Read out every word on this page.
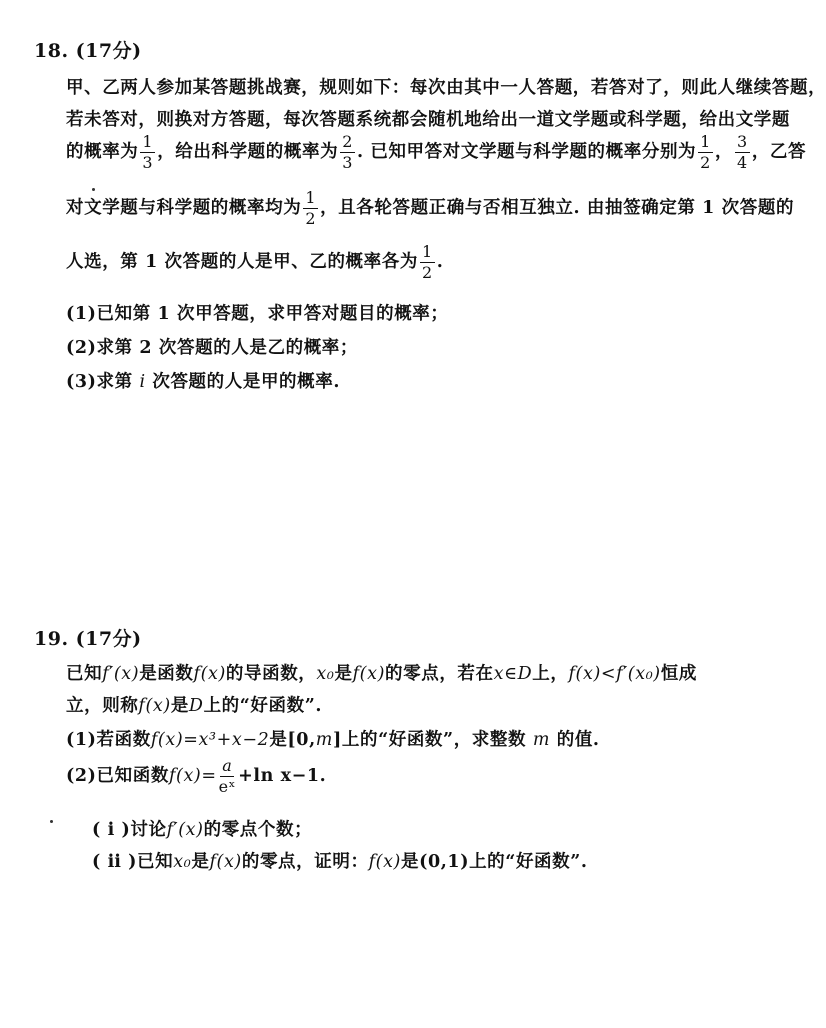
18. (17分)
甲、乙两人参加某答题挑战赛，规则如下：每次由其中一人答题，若答对了，则此人继续答题，
若未答对，则换对方答题，每次答题系统都会随机地给出一道文学题或科学题，给出文学题
的概率为 $\frac{1}{3}$ ，给出科学题的概率为 $\frac{2}{3}$ . 已知甲答对文学题与科学题的概率分别为 $\frac{1}{2}$ ， $\frac{3}{4}$ ，乙答
对文学题与科学题的概率均为 $\frac{1}{2}$ ，且各轮答题正确与否相互独立. 由抽签确定第 1 次答题的
人选，第 1 次答题的人是甲、乙的概率各为 $\frac{1}{2}$ .
(1)已知第 1 次甲答题，求甲答对题目的概率；
(2)求第 2 次答题的人是乙的概率；
(3)求第 i 次答题的人是甲的概率.
19. (17分)
已知f′(x)是函数f(x)的导函数，x₀是f(x)的零点，若在x∈D上，f(x)<f′(x₀)恒成
立，则称f(x)是D上的“好函数”.
(1)若函数f(x)=x³+x−2是[0,m]上的“好函数”，求整数 m 的值.
(2)已知函数$f(x)= \frac{a}{\text{eˣ}} +\ln$ x−1.
( ⅰ )讨论f′(x)的零点个数；
( ⅱ )已知x₀是f(x)的零点，证明：f(x)是(0,1)上的“好函数”.
